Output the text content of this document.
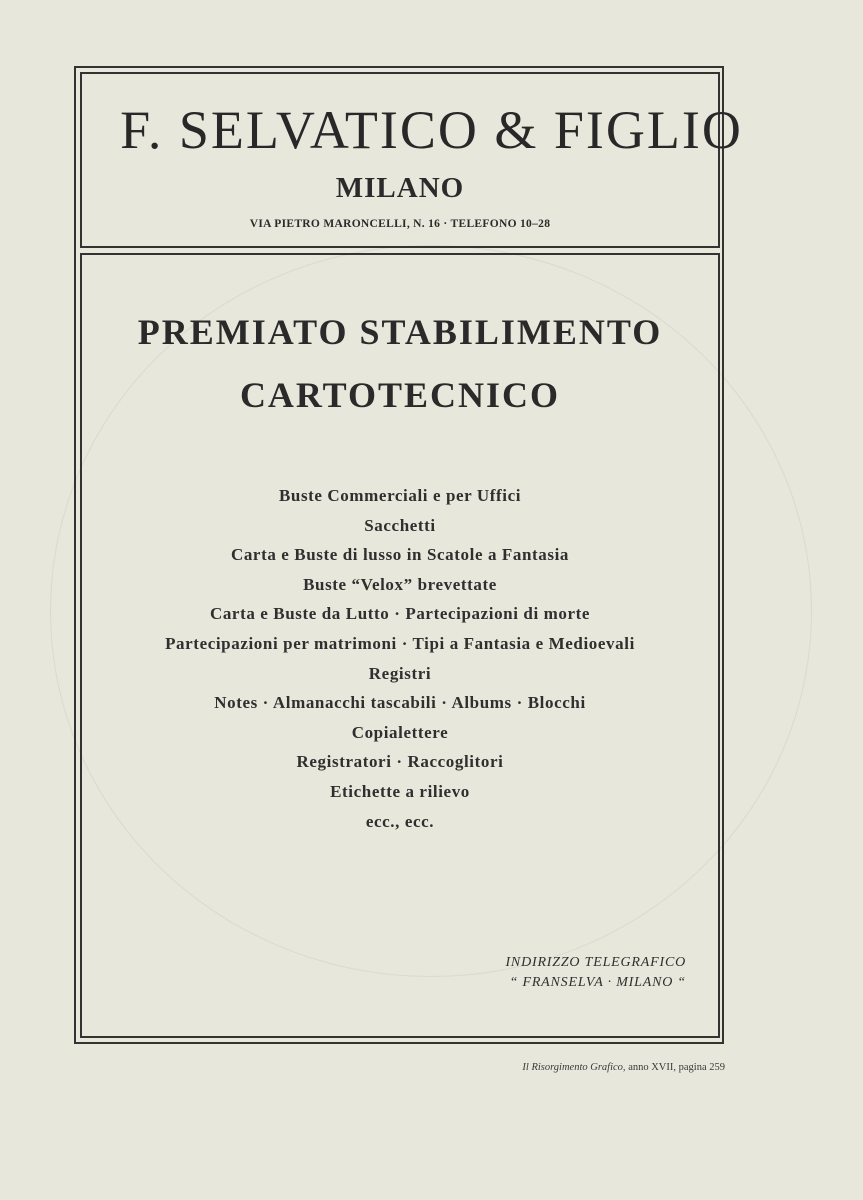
F. SELVATICO & FIGLIO
MILANO
VIA PIETRO MARONCELLI, N. 16 · TELEFONO 10–28
PREMIATO STABILIMENTO
CARTOTECNICO
Buste Commerciali e per Uffici
Sacchetti
Carta e Buste di lusso in Scatole a Fantasia
Buste “Velox” brevettate
Carta e Buste da Lutto · Partecipazioni di morte
Partecipazioni per matrimoni · Tipi a Fantasia e Medioevali
Registri
Notes · Almanacchi tascabili · Albums · Blocchi
Copialettere
Registratori · Raccoglitori
Etichette a rilievo
ecc., ecc.
INDIRIZZO TELEGRAFICO
“ FRANSELVA · MILANO “
Il Risorgimento Grafico, anno XVII, pagina 259
